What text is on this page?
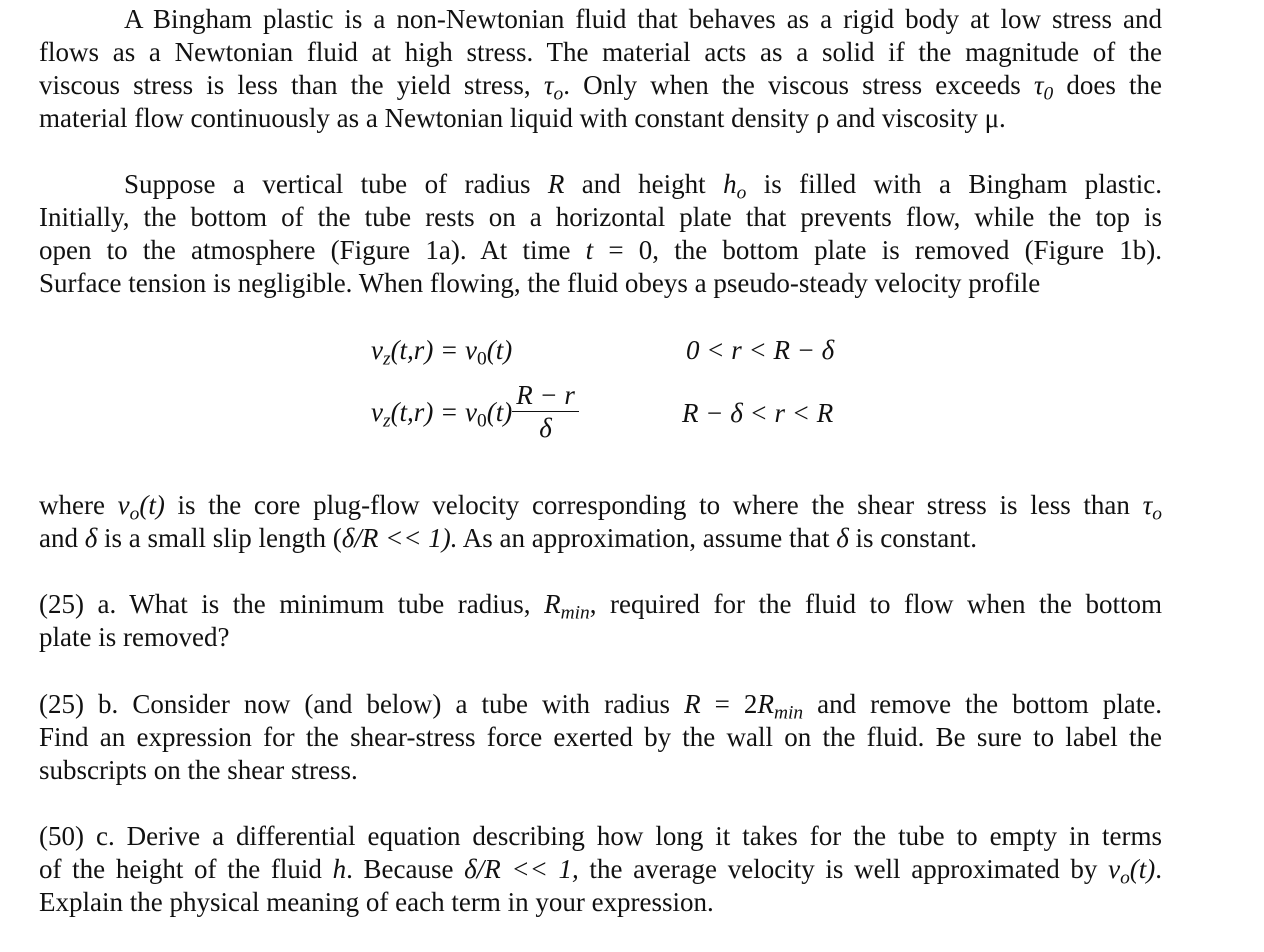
A Bingham plastic is a non-Newtonian fluid that behaves as a rigid body at low stress and
flows as a Newtonian fluid at high stress. The material acts as a solid if the magnitude of the
viscous stress is less than the yield stress, $\tau_o$. Only when the viscous stress exceeds $\tau_0$ does the
material flow continuously as a Newtonian liquid with constant density ρ and viscosity μ.
Suppose a vertical tube of radius R and height $h_o$ is filled with a Bingham plastic.
Initially, the bottom of the tube rests on a horizontal plate that prevents flow, while the top is
open to the atmosphere (Figure 1a). At time t = 0, the bottom plate is removed (Figure 1b).
Surface tension is negligible. When flowing, the fluid obeys a pseudo-steady velocity profile
$v_z(t,r) = v_0(t)$	0 < r < R − δ
$v_z(t,r) = v_0(t) \frac{R - r}{\delta}$	R − δ < r < R
where $v_o(t)$ is the core plug-flow velocity corresponding to where the shear stress is less than $\tau_o$
and δ is a small slip length (δ/R << 1). As an approximation, assume that δ is constant.
(25) a. What is the minimum tube radius, $R_{min}$, required for the fluid to flow when the bottom
plate is removed?
(25) b. Consider now (and below) a tube with radius $R = 2R_{min}$ and remove the bottom plate.
Find an expression for the shear-stress force exerted by the wall on the fluid. Be sure to label the
subscripts on the shear stress.
(50) c. Derive a differential equation describing how long it takes for the tube to empty in terms
of the height of the fluid h. Because δ/R << 1, the average velocity is well approximated by $v_o(t)$.
Explain the physical meaning of each term in your expression.
